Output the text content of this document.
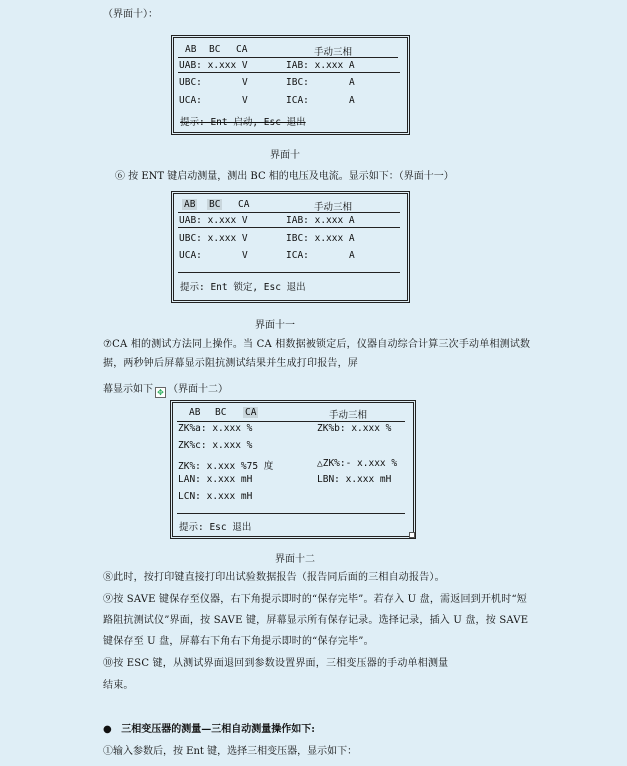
（界面十）：
AB BC CA	手动三相
UAB: x.xxx V	IAB: x.xxx A
UBC:	V	IBC:	A
UCA:	V	ICA:	A
提示: Ent 启动, Esc 退出
界面十
⑥ 按 ENT 键启动测量，测出 BC 相的电压及电流。显示如下：（界面十一）
AB BC CA	手动三相
UAB: x.xxx V	IAB: x.xxx A
UBC: x.xxx V	IBC: x.xxx A
UCA:	V	ICA:	A
提示: Ent 锁定, Esc 退出
界面十一
⑦CA 相的测试方法同上操作。当 CA 相数据被锁定后，仪器自动综合计算三次手动单相测试数
据，两秒钟后屏幕显示阻抗测试结果并生成打印报告，屏
幕显示如下 ✥ （界面十二）
AB BC CA	手动三相
ZK%a: x.xxx %	ZK%b: x.xxx %
ZK%c: x.xxx %
ZK%: x.xxx %75 度	△ZK%:- x.xxx %
LAN: x.xxx mH	LBN: x.xxx mH
LCN: x.xxx mH
提示: Esc 退出
界面十二
⑧此时，按打印键直接打印出试验数据报告（报告同后面的三相自动报告）。
⑨按 SAVE 键保存至仪器，右下角提示即时的“保存完毕”。若存入 U 盘，需返回到开机时“短
路阻抗测试仪”界面，按 SAVE 键，屏幕显示所有保存记录。选择记录，插入 U 盘，按 SAVE
键保存至 U 盘，屏幕右下角右下角提示即时的“保存完毕”。
⑩按 ESC 键，从测试界面退回到参数设置界面，三相变压器的手动单相测量
结束。
● 三相变压器的测量—三相自动测量操作如下:
①输入参数后，按 Ent 键，选择三相变压器，显示如下：
